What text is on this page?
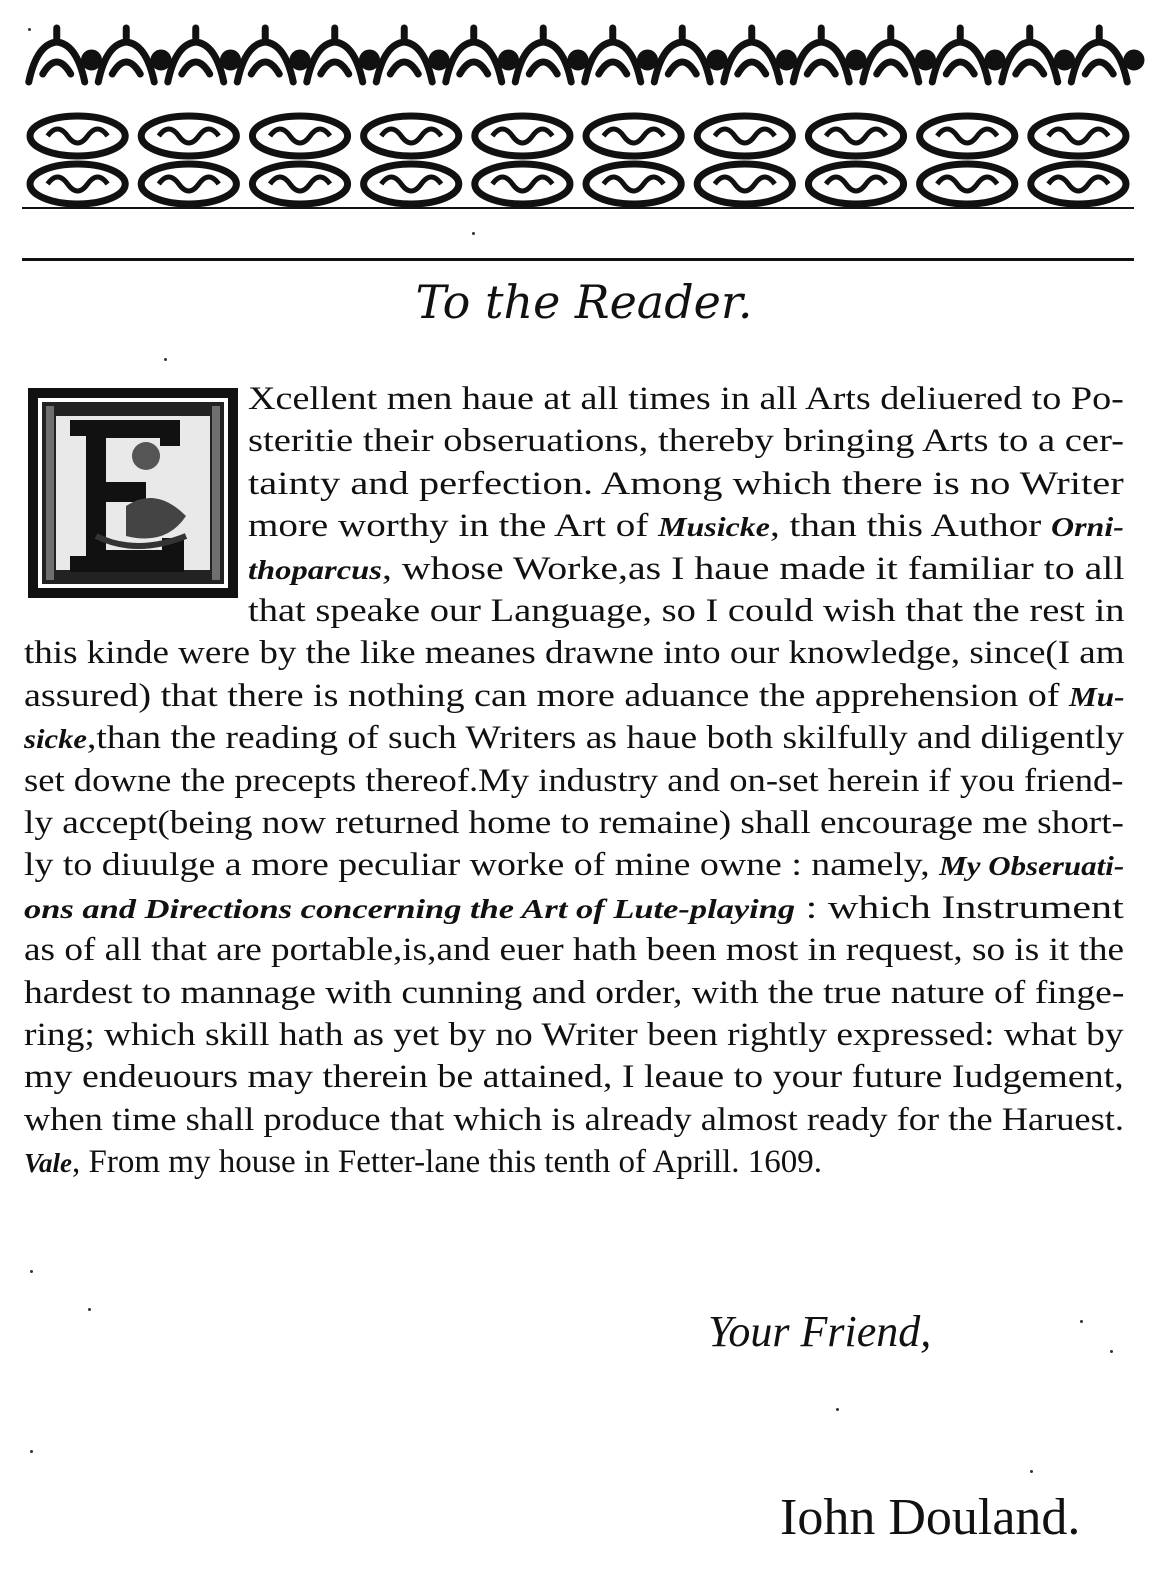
To the Reader.
Xcellent men haue at all times in all Arts deliuered to Po-
steritie their obseruations, thereby bringing Arts to a cer-
tainty and perfection. Among which there is no Writer
more worthy in the Art of Musicke, than this Author Orni-
thoparcus, whose Worke,as I haue made it familiar to all
that speake our Language, so I could wish that the rest in
this kinde were by the like meanes drawne into our knowledge, since(I am
assured) that there is nothing can more aduance the apprehension of Mu-
sicke,than the reading of such Writers as haue both skilfully and diligently
set downe the precepts thereof.My industry and on-set herein if you friend-
ly accept(being now returned home to remaine) shall encourage me short-
ly to diuulge a more peculiar worke of mine owne : namely, My Obseruati-
ons and Directions concerning the Art of Lute-playing : which Instrument
as of all that are portable,is,and euer hath been most in request, so is it the
hardest to mannage with cunning and order, with the true nature of finge-
ring; which skill hath as yet by no Writer been rightly expressed: what by
my endeuours may therein be attained, I leaue to your future Iudgement,
when time shall produce that which is already almost ready for the Haruest.
Vale, From my house in Fetter-lane this tenth of Aprill. 1609.
Your Friend,
Iohn Douland.
